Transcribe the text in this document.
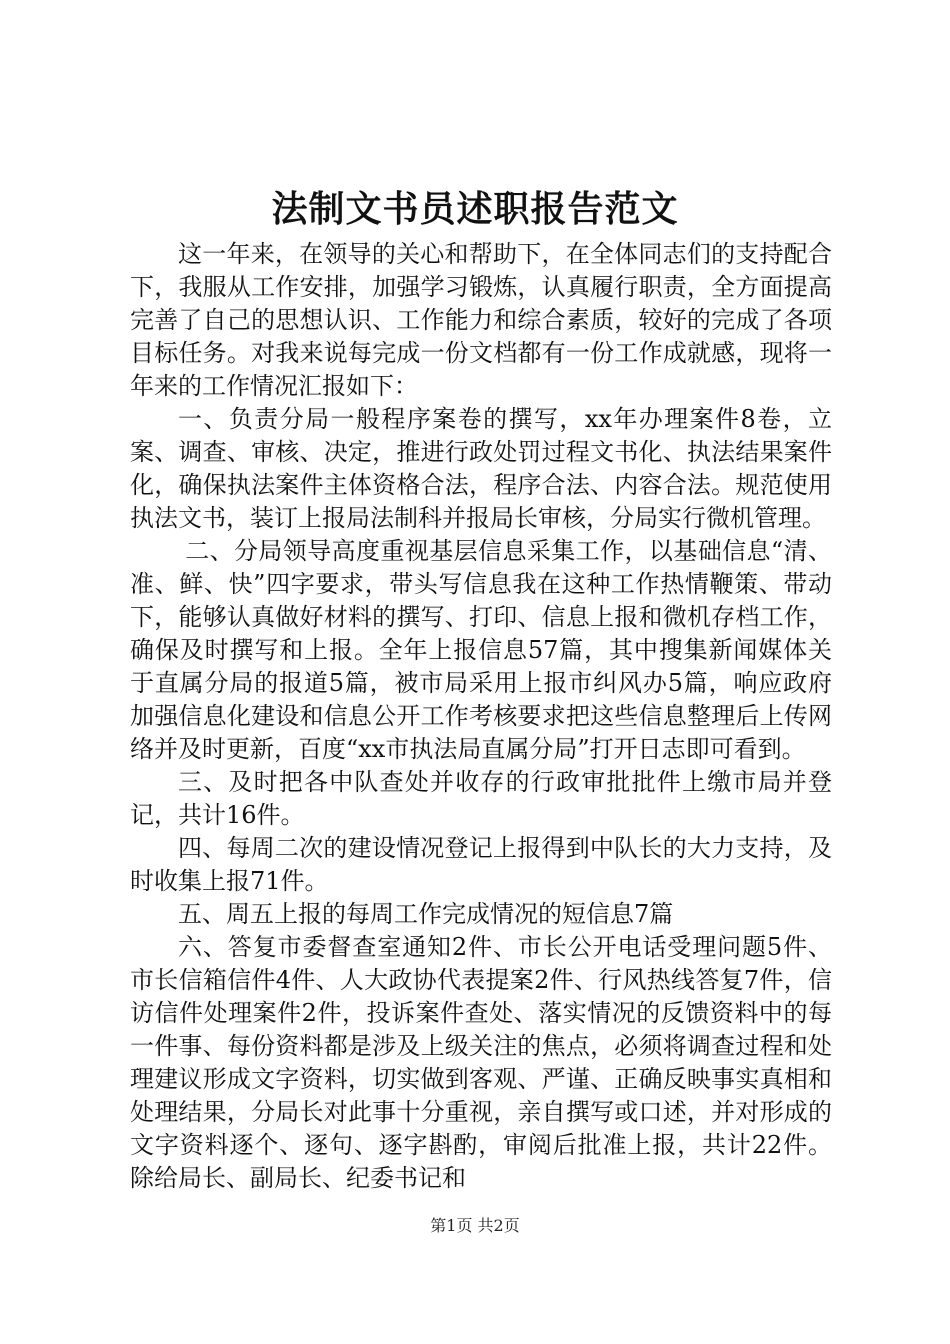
法制文书员述职报告范文

这一年来，在领导的关心和帮助下，在全体同志们的支持配合下，我服从工作安排，加强学习锻炼，认真履行职责，全方面提高完善了自己的思想认识、工作能力和综合素质，较好的完成了各项目标任务。对我来说每完成一份文档都有一份工作成就感，现将一年来的工作情况汇报如下：

一、负责分局一般程序案卷的撰写，xx年办理案件8卷，立案、调查、审核、决定，推进行政处罚过程文书化、执法结果案件化，确保执法案件主体资格合法，程序合法、内容合法。规范使用执法文书，装订上报局法制科并报局长审核，分局实行微机管理。

二、分局领导高度重视基层信息采集工作，以基础信息“清、准、鲜、快”四字要求，带头写信息我在这种工作热情鞭策、带动下，能够认真做好材料的撰写、打印、信息上报和微机存档工作，确保及时撰写和上报。全年上报信息57篇，其中搜集新闻媒体关于直属分局的报道5篇，被市局采用上报市纠风办5篇，响应政府加强信息化建设和信息公开工作考核要求把这些信息整理后上传网络并及时更新，百度“xx市执法局直属分局”打开日志即可看到。

三、及时把各中队查处并收存的行政审批批件上缴市局并登记，共计16件。

四、每周二次的建设情况登记上报得到中队长的大力支持，及时收集上报71件。

五、周五上报的每周工作完成情况的短信息7篇

六、答复市委督查室通知2件、市长公开电话受理问题5件、市长信箱信件4件、人大政协代表提案2件、行风热线答复7件，信访信件处理案件2件，投诉案件查处、落实情况的反馈资料中的每一件事、每份资料都是涉及上级关注的焦点，必须将调查过程和处理建议形成文字资料，切实做到客观、严谨、正确反映事实真相和处理结果，分局长对此事十分重视，亲自撰写或口述，并对形成的文字资料逐个、逐句、逐字斟酌，审阅后批准上报，共计22件。除给局长、副局长、纪委书记和

第1页 共2页
